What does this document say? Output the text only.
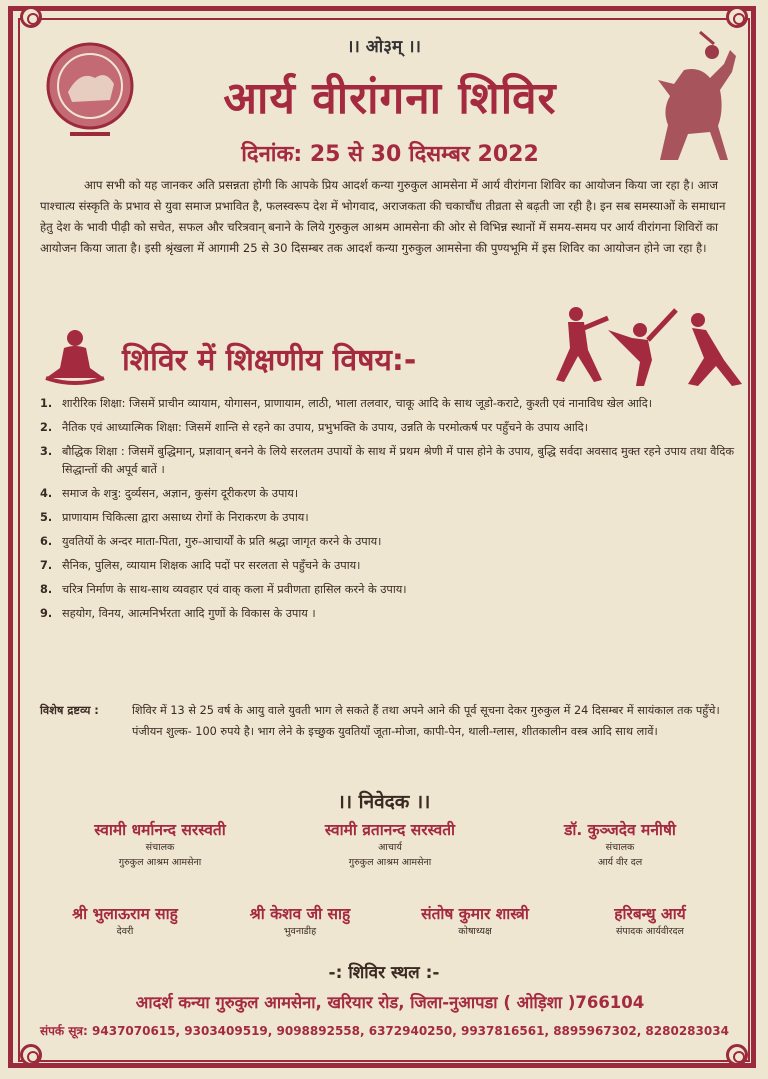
।। ओ३म् ।।
आर्य वीरांगना शिविर
दिनांक: 25 से 30 दिसम्बर 2022
आप सभी को यह जानकर अति प्रसन्नता होगी कि आपके प्रिय आदर्श कन्या गुरुकुल आमसेना में आर्य वीरांगना शिविर का आयोजन किया जा रहा है। आज पाश्चात्य संस्कृति के प्रभाव से युवा समाज प्रभावित है, फलस्वरूप देश में भोगवाद, अराजकता की चकाचौंध तीव्रता से बढ़ती जा रही है। इन सब समस्याओं के समाधान हेतु देश के भावी पीढ़ी को सचेत, सफल और चरित्रवान् बनाने के लिये गुरुकुल आश्रम आमसेना की ओर से विभिन्न स्थानों में समय-समय पर आर्य वीरांगना शिविरों का आयोजन किया जाता है। इसी श्रृंखला में आगामी 25 से 30 दिसम्बर तक आदर्श कन्या गुरुकुल आमसेना की पुण्यभूमि में इस शिविर का आयोजन होने जा रहा है।
शिविर में शिक्षणीय विषय:-
1. शारीरिक शिक्षा: जिसमें प्राचीन व्यायाम, योगासन, प्राणायाम, लाठी, भाला तलवार, चाकू आदि के साथ जूडो-कराटे, कुश्ती एवं नानाविध खेल आदि।
2. नैतिक एवं आध्यात्मिक शिक्षा: जिसमें शान्ति से रहने का उपाय, प्रभुभक्ति के उपाय, उन्नति के परमोत्कर्ष पर पहुँचने के उपाय आदि।
3. बौद्धिक शिक्षा : जिसमें बुद्धिमान्, प्रज्ञावान् बनने के लिये सरलतम उपायों के साथ में प्रथम श्रेणी में पास होने के उपाय, बुद्धि सर्वदा अवसाद मुक्त रहने उपाय तथा वैदिक सिद्धान्तों की अपूर्व बातें ।
4. समाज के शत्रु: दुर्व्यसन, अज्ञान, कुसंग दूरीकरण के उपाय।
5. प्राणायाम चिकित्सा द्वारा असाध्य रोगों के निराकरण के उपाय।
6. युवतियों के अन्दर माता-पिता, गुरु-आचार्यों के प्रति श्रद्धा जागृत करने के उपाय।
7. सैनिक, पुलिस, व्यायाम शिक्षक आदि पदों पर सरलता से पहुँचने के उपाय।
8. चरित्र निर्माण के साथ-साथ व्यवहार एवं वाक् कला में प्रवीणता हासिल करने के उपाय।
9. सहयोग, विनय, आत्मनिर्भरता आदि गुणों के विकास के उपाय ।
विशेष द्रष्टव्य :	शिविर में 13 से 25 वर्ष के आयु वाले युवती भाग ले सकते हैं तथा अपने आने की पूर्व सूचना देकर गुरुकुल में 24 दिसम्बर में सायंकाल तक पहुँचे। पंजीयन शुल्क- 100 रुपये है। भाग लेने के इच्छुक युवतियाँ जूता-मोजा, कापी-पेन, थाली-ग्लास, शीतकालीन वस्त्र आदि साथ लावें।
।। निवेदक ।।
स्वामी धर्मानन्द सरस्वती
संचालक
गुरुकुल आश्रम आमसेना
स्वामी व्रतानन्द सरस्वती
आचार्य
गुरुकुल आश्रम आमसेना
डॉ. कुञ्जदेव मनीषी
संचालक
आर्य वीर दल
श्री भुलाऊराम साहु
देवरी
श्री केशव जी साहु
भुवनाडीह
संतोष कुमार शास्त्री
कोषाध्यक्ष
हरिबन्धु आर्य
संपादक आर्यवीरदल
-: शिविर स्थल :-
आदर्श कन्या गुरुकुल आमसेना, खरियार रोड, जिला-नुआपडा ( ओड़िशा )766104
संपर्क सूत्र: 9437070615, 9303409519, 9098892558, 6372940250, 9937816561, 8895967302, 8280283034
